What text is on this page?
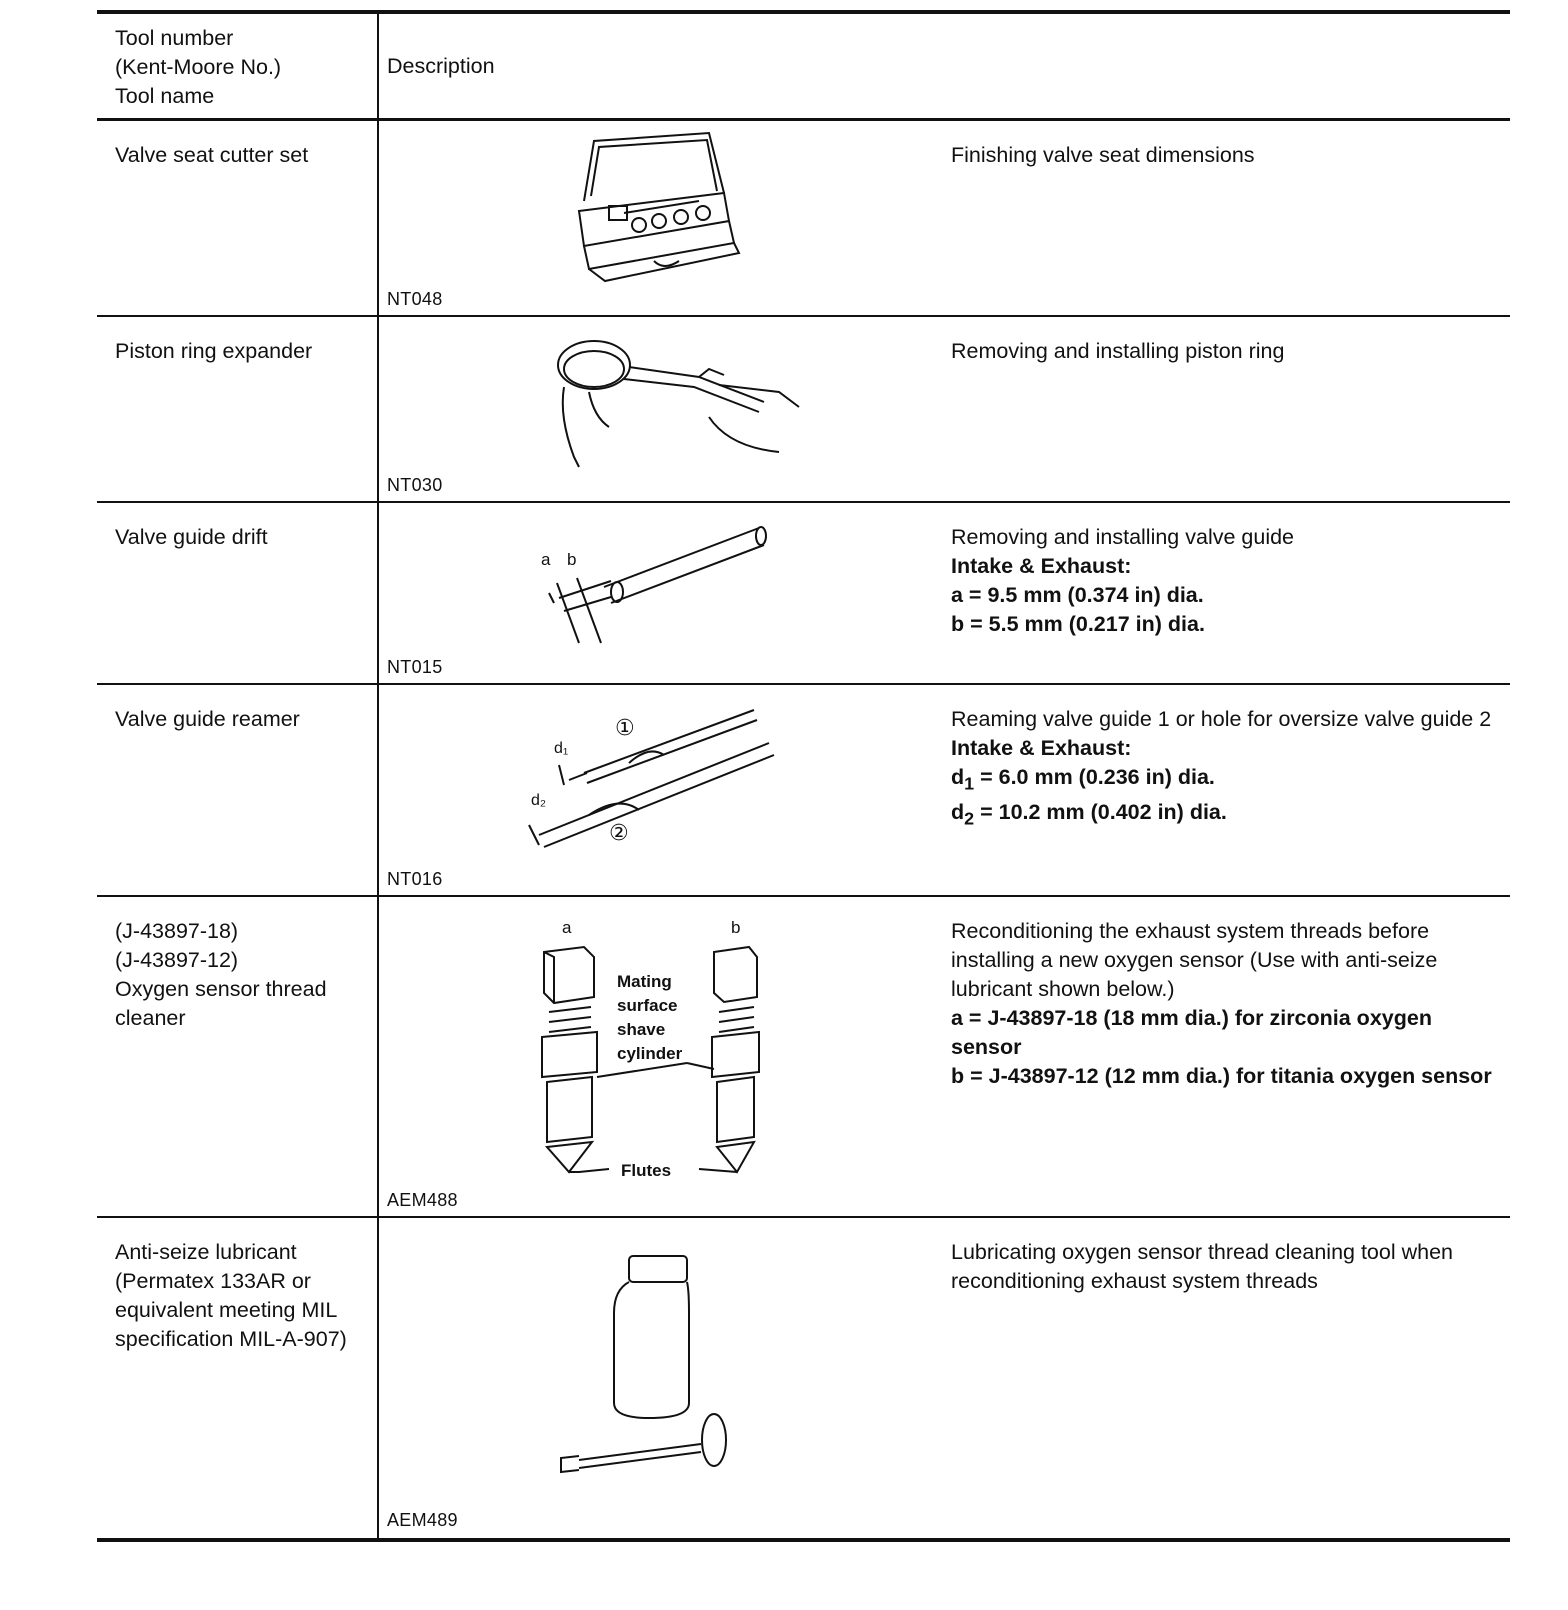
Tool number
(Kent-Moore No.)
Tool name
Description
Valve seat cutter set
NT048
Finishing valve seat dimensions
Piston ring expander
NT030
Removing and installing piston ring
Valve guide drift
a b
NT015
Removing and installing valve guide
Intake & Exhaust:
a = 9.5 mm (0.374 in) dia.
b = 5.5 mm (0.217 in) dia.
Valve guide reamer
d₁
d₂
①
②
NT016
Reaming valve guide 1 or hole for oversize valve guide 2
Intake & Exhaust:
$d_1 = 6.0$ mm (0.236 in) dia.
$d_2 = 10.2$ mm (0.402 in) dia.
(J-43897-18)
(J-43897-12)
Oxygen sensor thread cleaner
a	b
Mating
surface
shave
cylinder
Flutes
AEM488
Reconditioning the exhaust system threads before installing a new oxygen sensor (Use with anti-seize lubricant shown below.)
a = J-43897-18 (18 mm dia.) for zirconia oxygen sensor
b = J-43897-12 (12 mm dia.) for titania oxygen sensor
Anti-seize lubricant (Permatex 133AR or equivalent meeting MIL specification MIL-A-907)
AEM489
Lubricating oxygen sensor thread cleaning tool when reconditioning exhaust system threads
